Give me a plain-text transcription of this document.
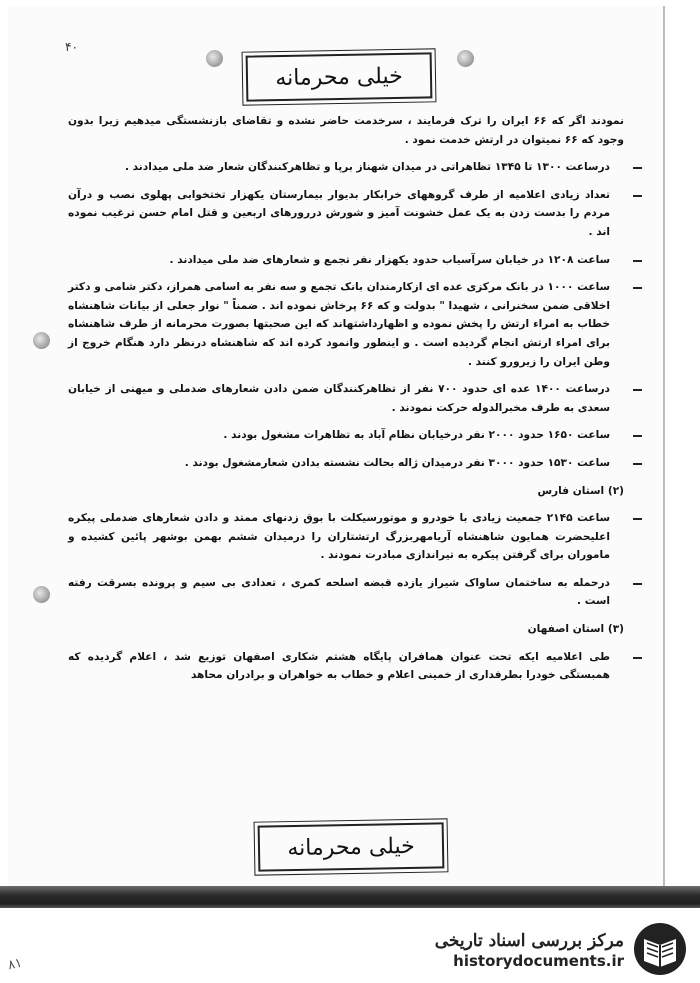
۴۰
خیلی محرمانه

نمودند اگر که ۶۶ ایران را ترک فرمایند ، سرخدمت حاضر نشده و تقاضای بازنشستگی میدهیم زیرا بدون وجود که ۶۶ نمیتوان در ارتش خدمت نمود .

درساعت ۱۳۰۰ تا ۱۳۴۵ تظاهراتی در میدان شهناز برپا و تظاهرکنندگان شعار ضد ملی میدادند .

تعداد زیادی اعلامیه از طرف گروههای خرابکار بدیوار بیمارستان یکهزار تختخوابی پهلوی نصب و درآن مردم را بدست زدن به یک عمل خشونت آمیز و شورش دررورهای اربعین و قتل امام حسن ترغیب نموده اند .

ساعت ۱۲۰۸ در خیابان سرآسیاب حدود یکهزار نفر تجمع و شعارهای ضد ملی میدادند .

ساعت ۱۰۰۰ در بانک مرکزی عده ای ازکارمندان بانک تجمع و سه نفر به اسامی همراز، دکتر شامی و دکتر اخلاقی ضمن سخنرانی ، شهیدا " بدولت و که ۶۶ پرخاش نموده اند . ضمناً " نوار جعلی از بیانات شاهنشاه خطاب به امراء ارتش را پخش نموده و اظهارداشتهاند که این صحبتها بصورت محرمانه از طرف شاهنشاه برای امراء ارتش انجام گردیده است . و اینطور وانمود کرده اند که شاهنشاه درنظر دارد هنگام خروج از وطن ایران را زیرورو کنند .

درساعت ۱۴۰۰ عده ای حدود ۷۰۰ نفر از تظاهرکنندگان ضمن دادن شعارهای ضدملی و میهنی از خیابان سعدی به طرف مخبرالدوله حرکت نمودند .

ساعت ۱۶۵۰ حدود ۲۰۰۰ نفر درخیابان نظام آباد به تظاهرات مشغول بودند .

ساعت ۱۵۳۰ حدود ۳۰۰۰ نفر درمیدان ژاله بحالت نشسته بدادن شعارمشغول بودند .

(۲) استان فارس

ساعت ۲۱۴۵ جمعیت زیادی با خودرو و موتورسیکلت با بوق زدنهای ممتد و دادن شعارهای ضدملی پیکره اعلیحضرت همایون شاهنشاه آریامهربزرگ ارتشتاران را درمیدان ششم بهمن بوشهر پائین کشیده و ماموران برای گرفتن پیکره به تیراندازی مبادرت نمودند .

درحمله به ساختمان ساواک شیراز یازده قبضه اسلحه کمری ، تعدادی بی سیم و پرونده بسرقت رفته است .

(۳) استان اصفهان

طی اعلامیه ایکه تحت عنوان همافران پایگاه هشتم شکاری اصفهان توزیع شد ، اعلام گردیده که همبستگی خودرا بطرفداری از خمینی اعلام و خطاب به خواهران و برادران محاهد

خیلی محرمانه
۸۱
مرکز بررسی اسناد تاریخی
historydocuments.ir
